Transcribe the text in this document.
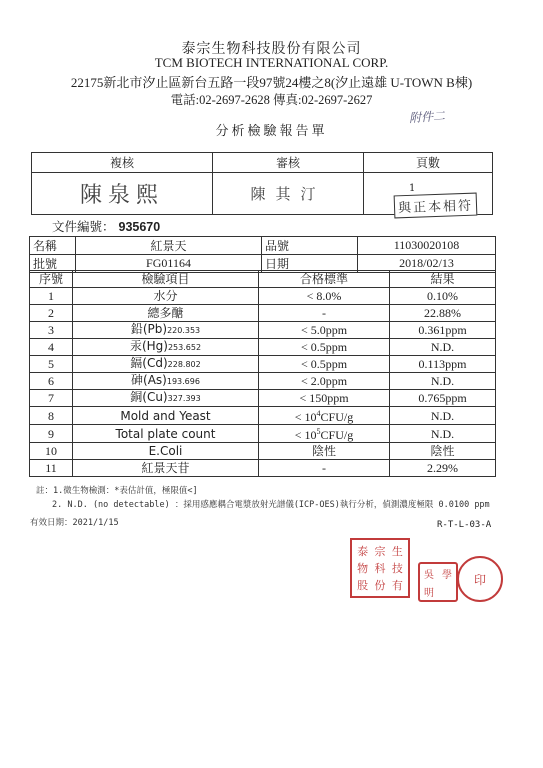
泰宗生物科技股份有限公司
TCM BIOTECH INTERNATIONAL CORP.
22175新北市汐止區新台五路一段97號24樓之8(汐止遠雄 U-TOWN B棟)
電話:02-2697-2628 傳真:02-2697-2627
分析檢驗報告單
附件二
複核	審核	頁數
陳泉熙	陳其汀		1
與正本相符
文件編號： 935670
名稱	紅景天	品號	11030020108
批號	FG01164	日期	2018/02/13
序號	檢驗項目	合格標準	結果
1	水分	< 8.0%	0.10%
2	總多醣	-	22.88%
3	鉛(Pb)220.353	< 5.0ppm	0.361ppm
4	汞(Hg)253.652	< 0.5ppm	N.D.
5	鎘(Cd)228.802	< 0.5ppm	0.113ppm
6	砷(As)193.696	< 2.0ppm	N.D.
7	銅(Cu)327.393	< 150ppm	0.765ppm
8	Mold and Yeast	< $10^4CFU/g$	N.D.
9	Total plate count	< $10^5CFU/g$	N.D.
10	E.Coli	陰性	陰性
11	紅景天苷	-	2.29%
註：1.微生物檢測：*表估計值，極限值<]
2. N.D. (no detectable) ：採用感應耦合電漿放射光譜儀(ICP-OES)執行分析，偵測濃度極限 0.0100 ppm
有效日期：2021/1/15	R-T-L-03-A
泰 宗 生
物 科 技
股 份 有
吳 學
明
印
